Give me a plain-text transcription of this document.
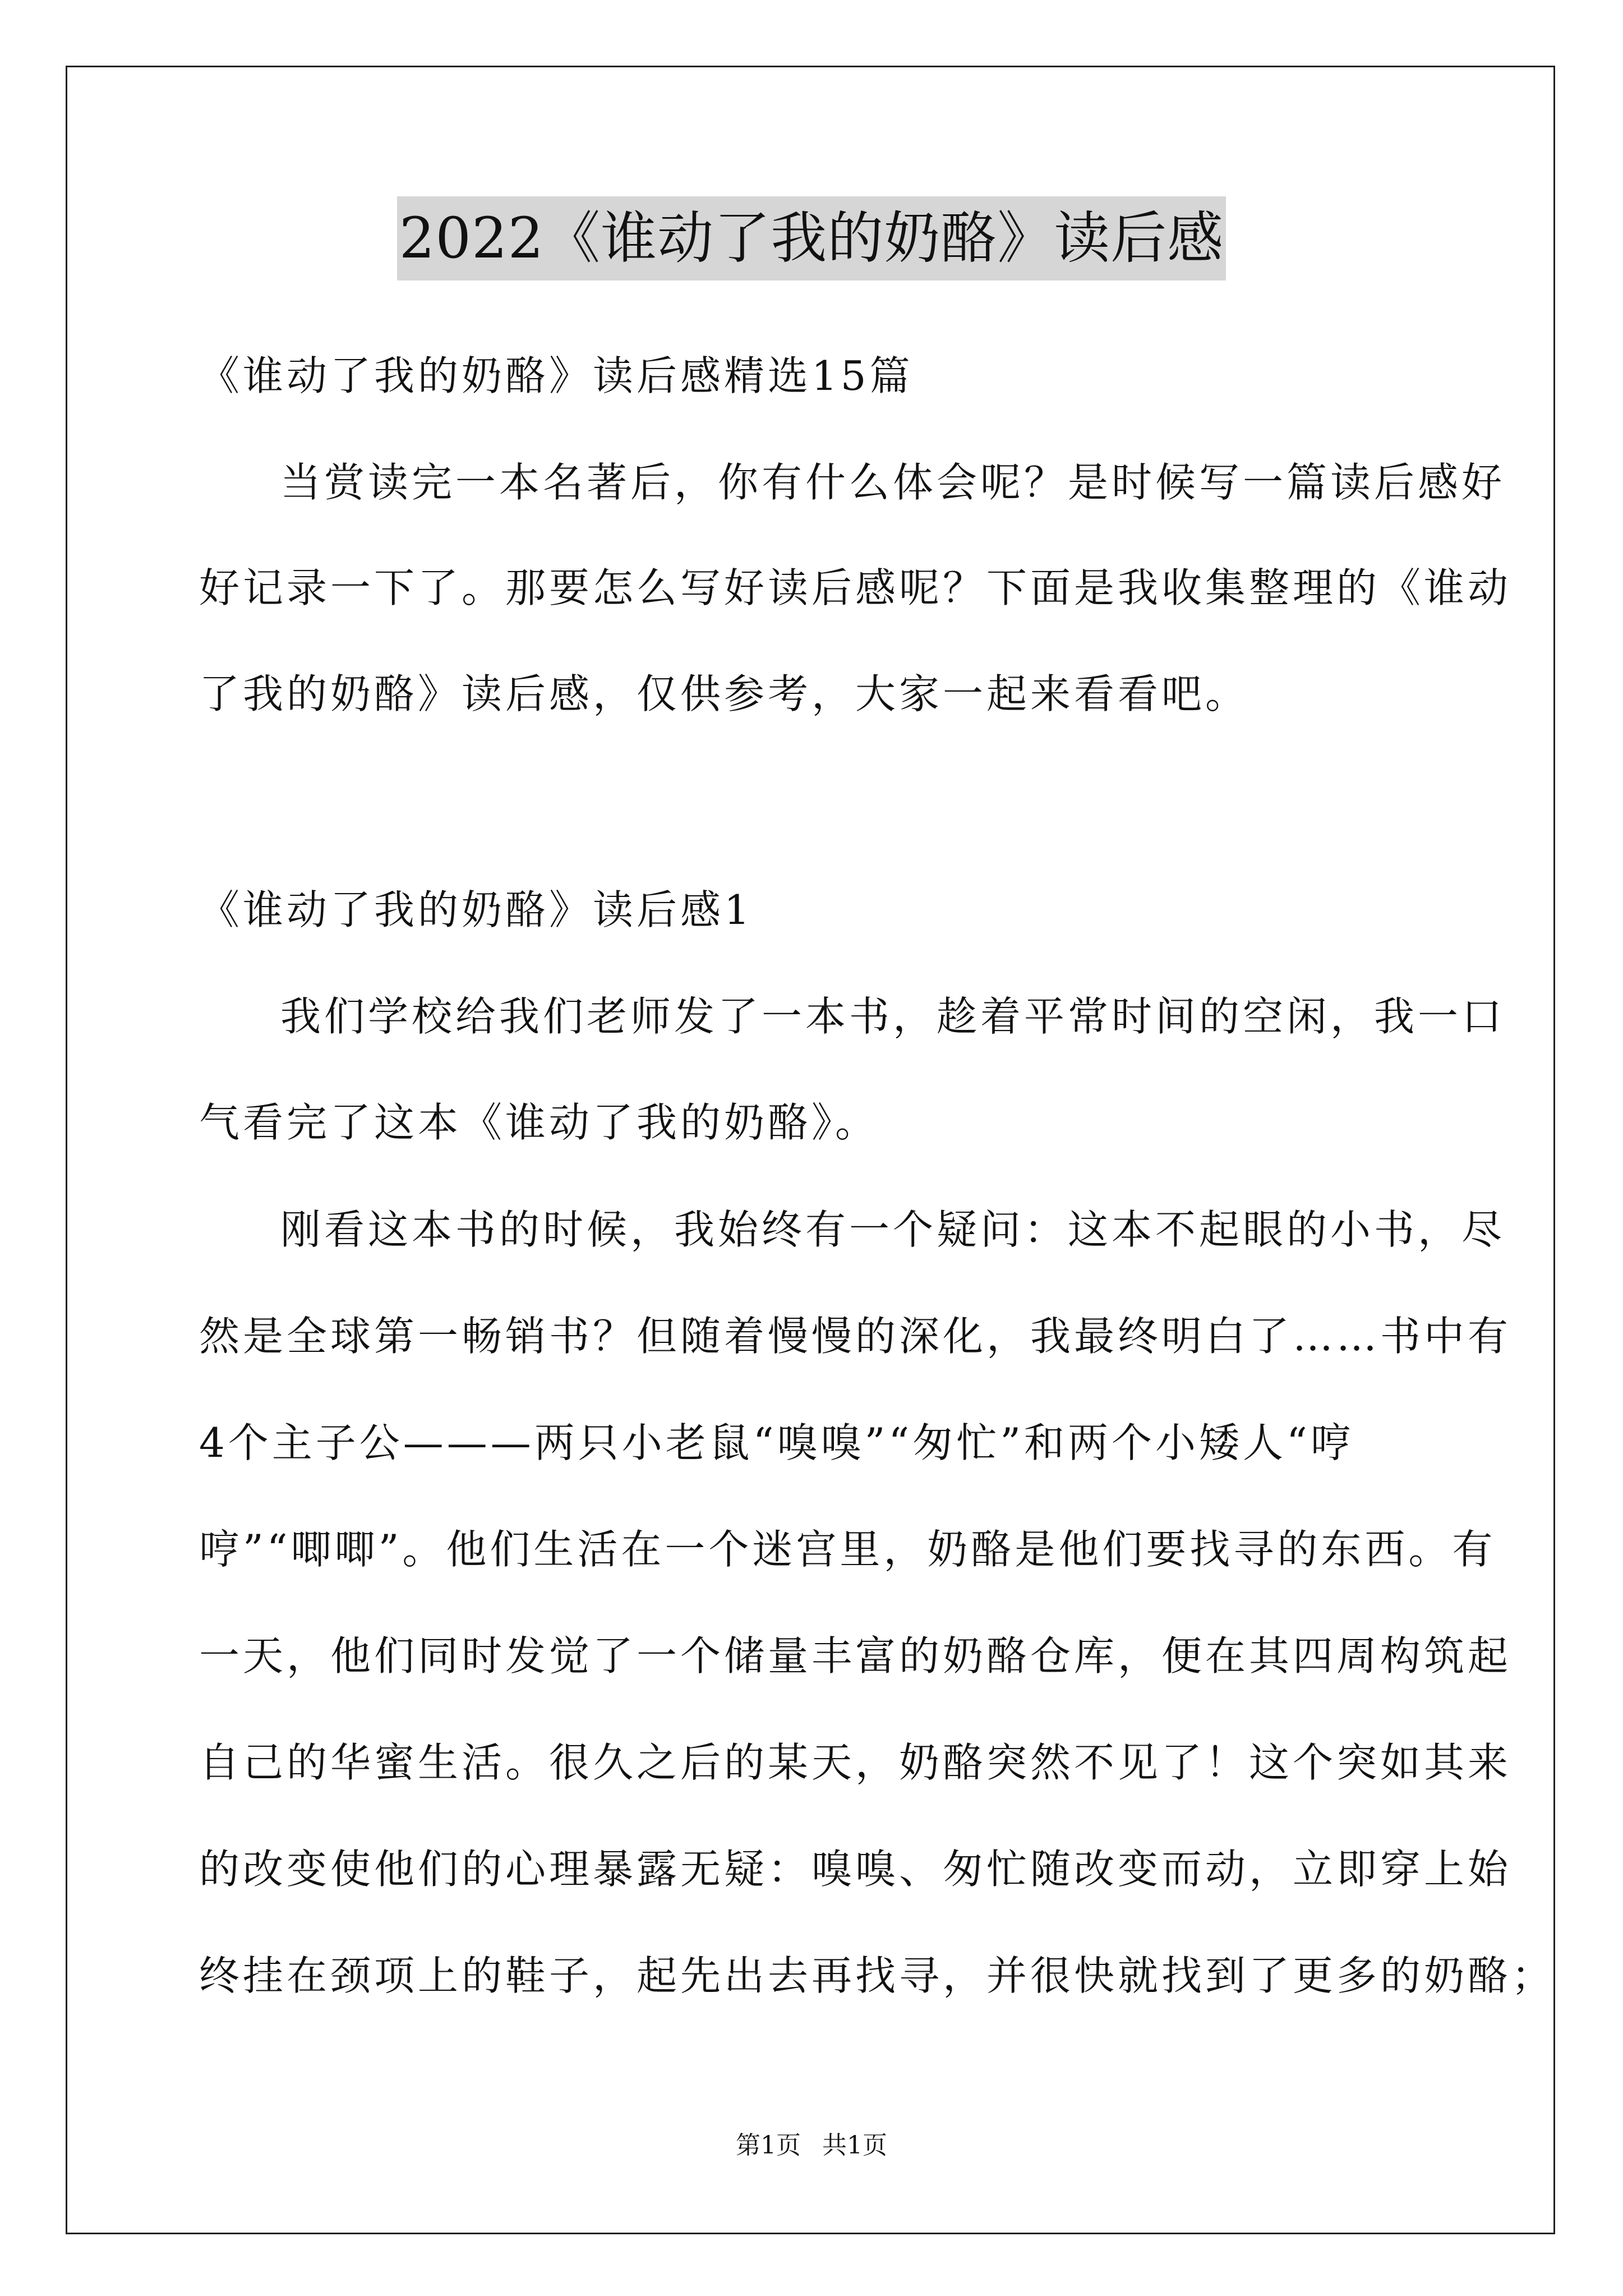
2022《谁动了我的奶酪》读后感
《谁动了我的奶酪》读后感精选15篇
当赏读完一本名著后，你有什么体会呢？是时候写一篇读后感好
好记录一下了。那要怎么写好读后感呢？下面是我收集整理的《谁动
了我的奶酪》读后感，仅供参考，大家一起来看看吧。
《谁动了我的奶酪》读后感1
我们学校给我们老师发了一本书，趁着平常时间的空闲，我一口
气看完了这本《谁动了我的奶酪》。
刚看这本书的时候，我始终有一个疑问：这本不起眼的小书，尽
然是全球第一畅销书？但随着慢慢的深化，我最终明白了……书中有
4个主子公———两只小老鼠“嗅嗅”“匆忙”和两个小矮人“哼
哼”“唧唧”。他们生活在一个迷宫里，奶酪是他们要找寻的东西。有
一天，他们同时发觉了一个储量丰富的奶酪仓库，便在其四周构筑起
自己的华蜜生活。很久之后的某天，奶酪突然不见了！这个突如其来
的改变使他们的心理暴露无疑：嗅嗅、匆忙随改变而动，立即穿上始
终挂在颈项上的鞋子，起先出去再找寻，并很快就找到了更多的奶酪；
第1页 共1页
